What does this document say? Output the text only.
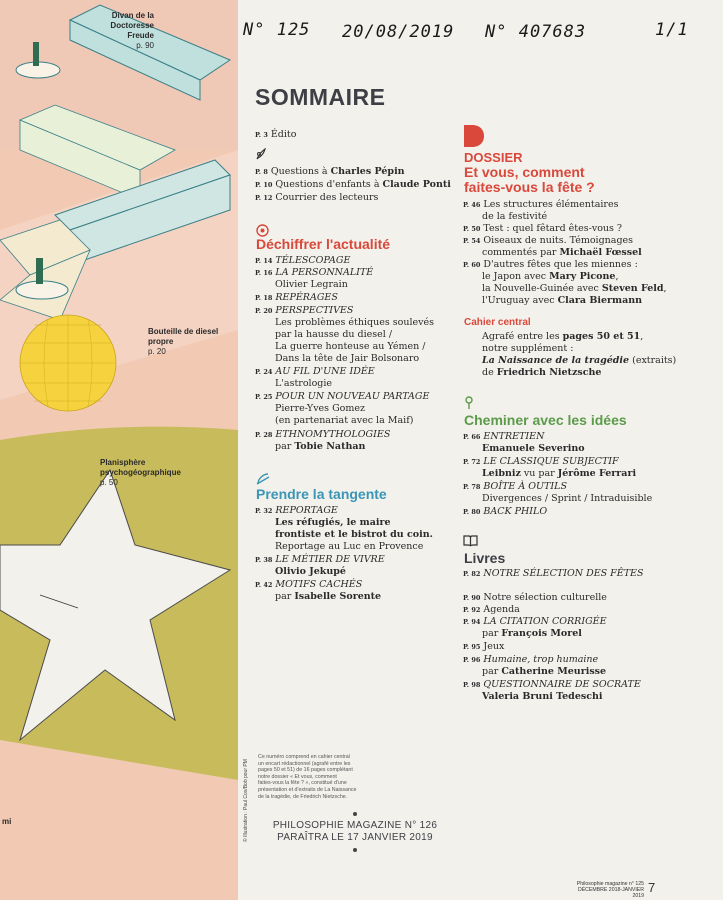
Divan de la Doctoresse Freude
p. 90
Bouteille de diesel propre
p. 20
Planisphère psychogéographique
p. 50
mi
N° 125 20/08/2019 N° 407683	1/1
SOMMAIRE
P. 3 Édito
P. 8 Questions à Charles Pépin
P. 10 Questions d'enfants à Claude Ponti
P. 12 Courrier des lecteurs
Déchiffrer l'actualité
P. 14 TÉLESCOPAGE
P. 16 LA PERSONNALITÉ
Olivier Legrain
P. 18 REPÉRAGES
P. 20 PERSPECTIVES
Les problèmes éthiques soulevés
par la hausse du diesel /
La guerre honteuse au Yémen /
Dans la tête de Jair Bolsonaro
P. 24 AU FIL D'UNE IDÉE
L'astrologie
P. 25 POUR UN NOUVEAU PARTAGE
Pierre-Yves Gomez
(en partenariat avec la Maif)
P. 28 ETHNOMYTHOLOGIES
par Tobie Nathan
Prendre la tangente
P. 32 REPORTAGE
Les réfugiés, le maire
frontiste et le bistrot du coin.
Reportage au Luc en Provence
P. 38 LE MÉTIER DE VIVRE
Olivio Jekupé
P. 42 MOTIFS CACHÉS
par Isabelle Sorente
DOSSIER
Et vous, comment
faites-vous la fête ?
P. 46 Les structures élémentaires
de la festivité
P. 50 Test : quel fêtard êtes-vous ?
P. 54 Oiseaux de nuits. Témoignages
commentés par Michaël Fœssel
P. 60 D'autres fêtes que les miennes :
le Japon avec Mary Picone,
la Nouvelle-Guinée avec Steven Feld,
l'Uruguay avec Clara Biermann
Cahier central
Agrafé entre les pages 50 et 51,
notre supplément :
La Naissance de la tragédie (extraits)
de Friedrich Nietzsche
Cheminer avec les idées
P. 66 ENTRETIEN
Emanuele Severino
P. 72 LE CLASSIQUE SUBJECTIF
Leibniz vu par Jérôme Ferrari
P. 78 BOÎTE À OUTILS
Divergences / Sprint / Intraduisible
P. 80 BACK PHILO
Livres
P. 82 NOTRE SÉLECTION DES FÊTES
P. 90 Notre sélection culturelle
P. 92 Agenda
P. 94 LA CITATION CORRIGÉE
par François Morel
P. 95 Jeux
P. 96 Humaine, trop humaine
par Catherine Meurisse
P. 98 QUESTIONNAIRE DE SOCRATE
Valeria Bruni Tedeschi
Ce numéro comprend en cahier central
un encart rédactionnel (agrafé entre les
pages 50 et 51) de 16 pages complétant
notre dossier « Et vous, comment
faites-vous la fête ? », constitué d'une
présentation et d'extraits de La Naissance
de la tragédie, de Friedrich Nietzsche.
© Illustration : Paul Cox/Bob pour PM	PHILOSOPHIE MAGAZINE N° 126
PARAÎTRA LE 17 JANVIER 2019
Philosophie magazine n° 125
DÉCEMBRE 2018-JANVIER 2019
7
